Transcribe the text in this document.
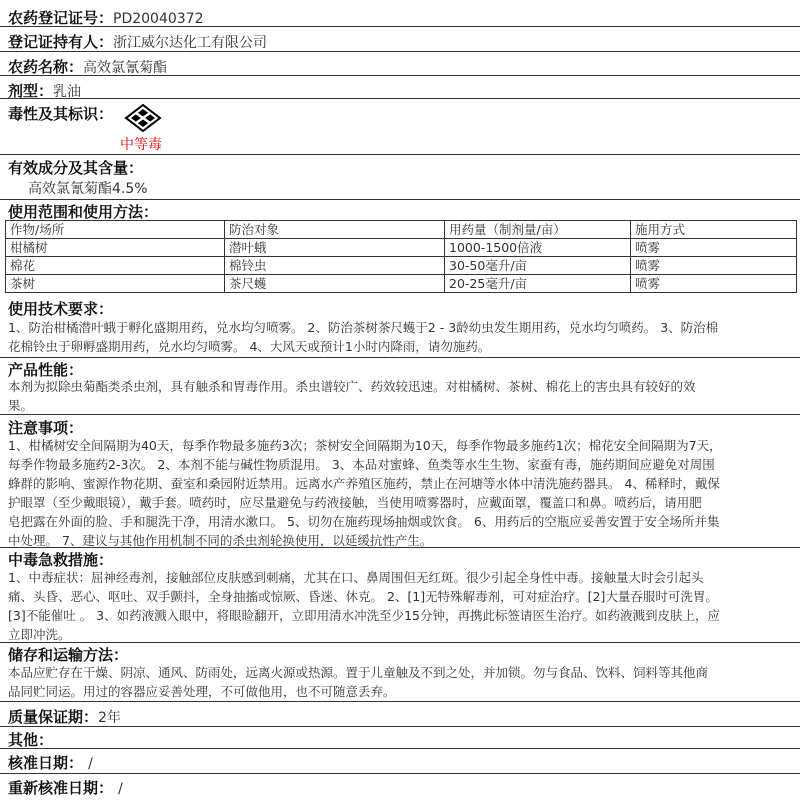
农药登记证号：PD20040372
登记证持有人：浙江威尔达化工有限公司
农药名称：高效氯氰菊酯
剂型：乳油
毒性及其标识：
中等毒
有效成分及其含量：
高效氯氰菊酯4.5%
使用范围和使用方法：
作物/场所	防治对象	用药量（制剂量/亩）	施用方式
柑橘树	潜叶蛾	1000-1500倍液	喷雾
棉花	棉铃虫	30-50毫升/亩	喷雾
茶树	茶尺蠖	20-25毫升/亩	喷雾
使用技术要求：
1、防治柑橘潜叶蛾于孵化盛期用药，兑水均匀喷雾。 2、防治茶树茶尺蠖于2 - 3龄幼虫发生期用药，兑水均匀喷药。 3、防治棉
花棉铃虫于卵孵盛期用药，兑水均匀喷雾。 4、大风天或预计1小时内降雨，请勿施药。
产品性能：
本剂为拟除虫菊酯类杀虫剂，具有触杀和胃毒作用。杀虫谱较广、药效较迅速。对柑橘树、茶树、棉花上的害虫具有较好的效
果。
注意事项：
1、柑橘树安全间隔期为40天，每季作物最多施药3次；茶树安全间隔期为10天，每季作物最多施药1次；棉花安全间隔期为7天，
每季作物最多施药2-3次。 2、本剂不能与碱性物质混用。 3、本品对蜜蜂、鱼类等水生生物、家蚕有毒，施药期间应避免对周围
蜂群的影响、蜜源作物花期、蚕室和桑园附近禁用。远离水产养殖区施药，禁止在河塘等水体中清洗施药器具。 4、稀释时，戴保
护眼罩（至少戴眼镜），戴手套。喷药时，应尽量避免与药液接触，当使用喷雾器时，应戴面罩，覆盖口和鼻。喷药后，请用肥
皂把露在外面的脸、手和腿洗干净，用清水漱口。 5、切勿在施药现场抽烟或饮食。 6、用药后的空瓶应妥善安置于安全场所并集
中处理。 7、建议与其他作用机制不同的杀虫剂轮换使用，以延缓抗性产生。
中毒急救措施：
1、中毒症状：屈神经毒剂，接触部位皮肤感到刺痛，尤其在口、鼻周围但无红斑。很少引起全身性中毒。接触量大时会引起头
痛、头昏、恶心、呕吐、双手颤抖，全身抽搐或惊厥、昏迷、休克。 2、[1]无特殊解毒剂，可对症治疗。[2]大量吞服时可洗胃。
[3]不能催吐 。 3、如药液溅入眼中，将眼睑翻开，立即用清水冲洗至少15分钟，再携此标签请医生治疗。如药液溅到皮肤上，应
立即冲洗。
储存和运输方法：
本品应贮存在干燥、阴凉、通风、防雨处，远离火源或热源。置于儿童触及不到之处，并加锁。勿与食品、饮料、饲料等其他商
品同贮同运。用过的容器应妥善处理，不可做他用，也不可随意丢弃。
质量保证期：2年
其他：
核准日期： /
重新核准日期： /
